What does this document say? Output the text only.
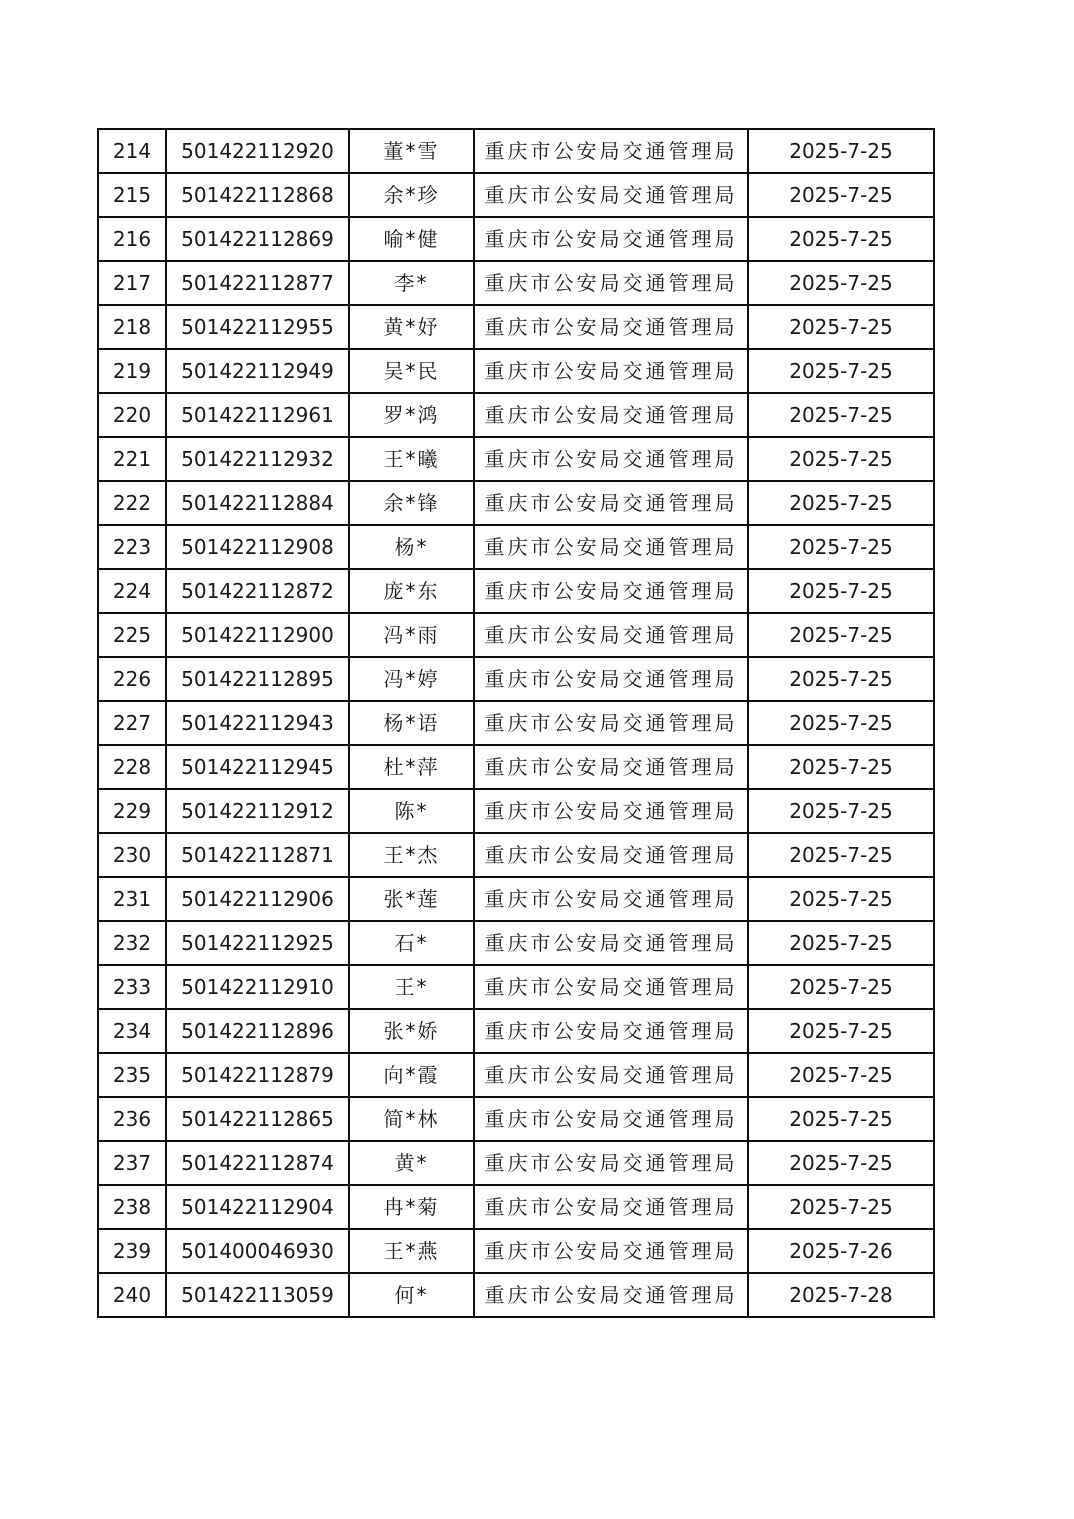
214	501422112920	董*雪	重庆市公安局交通管理局	2025-7-25
215	501422112868	余*珍	重庆市公安局交通管理局	2025-7-25
216	501422112869	喻*健	重庆市公安局交通管理局	2025-7-25
217	501422112877	李*	重庆市公安局交通管理局	2025-7-25
218	501422112955	黄*妤	重庆市公安局交通管理局	2025-7-25
219	501422112949	吴*民	重庆市公安局交通管理局	2025-7-25
220	501422112961	罗*鸿	重庆市公安局交通管理局	2025-7-25
221	501422112932	王*曦	重庆市公安局交通管理局	2025-7-25
222	501422112884	余*锋	重庆市公安局交通管理局	2025-7-25
223	501422112908	杨*	重庆市公安局交通管理局	2025-7-25
224	501422112872	庞*东	重庆市公安局交通管理局	2025-7-25
225	501422112900	冯*雨	重庆市公安局交通管理局	2025-7-25
226	501422112895	冯*婷	重庆市公安局交通管理局	2025-7-25
227	501422112943	杨*语	重庆市公安局交通管理局	2025-7-25
228	501422112945	杜*萍	重庆市公安局交通管理局	2025-7-25
229	501422112912	陈*	重庆市公安局交通管理局	2025-7-25
230	501422112871	王*杰	重庆市公安局交通管理局	2025-7-25
231	501422112906	张*莲	重庆市公安局交通管理局	2025-7-25
232	501422112925	石*	重庆市公安局交通管理局	2025-7-25
233	501422112910	王*	重庆市公安局交通管理局	2025-7-25
234	501422112896	张*娇	重庆市公安局交通管理局	2025-7-25
235	501422112879	向*霞	重庆市公安局交通管理局	2025-7-25
236	501422112865	简*林	重庆市公安局交通管理局	2025-7-25
237	501422112874	黄*	重庆市公安局交通管理局	2025-7-25
238	501422112904	冉*菊	重庆市公安局交通管理局	2025-7-25
239	501400046930	王*燕	重庆市公安局交通管理局	2025-7-26
240	501422113059	何*	重庆市公安局交通管理局	2025-7-28
